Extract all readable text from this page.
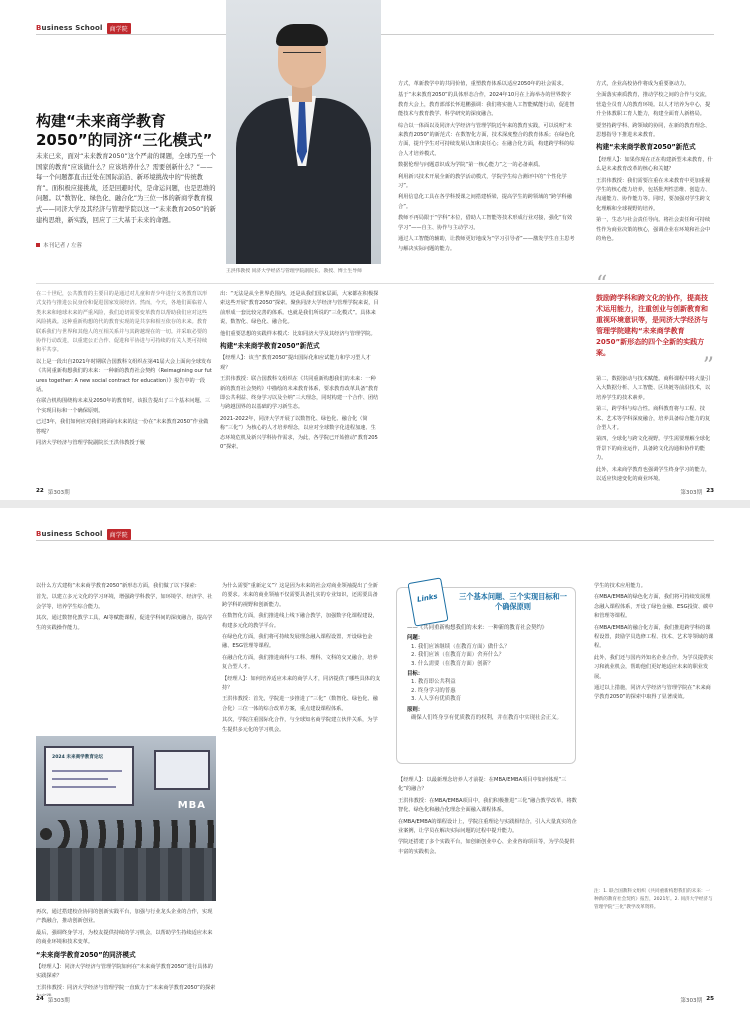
Business School	商学院
构建“未来商学教育2050”的同济“三化模式”
未来已来，面对“未来教育2050”这个严肃的课题，全球乃至一个国家的教育“应该做什么？应该培养什么？需要创新什么？”——每一个问题都直击迁处在国际前沿、新环境挑战中的“传统教育”。面积极应接挑战，还是回避时代，是命运问题，也是思维的问题。以“数智化、绿色化、融合化”为三位一体的新商学教育模式——同济大学及其经济与管理学院以这一“未来教育2050”的新建构思维，新实践，回应了三大基于未来的命题。
本刊记者 / 左蓉
王洪伟教授 同济大学经济与管理学院副院长、教授、博士生导师

在二十世纪，公共教育的主要目的是通过对儿童和青少年进行义务教育以形式支持与推进公民身份和促进国家发展经济。然而，今天，各地们面临着人类未来和地球未来的严重风险，我们迫切需要变革教育以帮助我们应对这些风险挑战。这种重新构想的代的教育实现的是共享和相互依存的未来。教育联系我们与世界和其他人的互相关系并与其跨越现在的一切。并采取必要的协作行动改进，以重建公正合作、促进和平协进与可持续的有关人类可持续和平共享。

以上是一段出自2021年时期联合国教科文组织在第41届大会上面向全球发布《共同重新构想我们的未来：一种新的教育社会契约（Reimagining our futures together: A new social contract for education）》报告中的一段话。

在联合机构围绕构未来及2050年的教育时，该报告提出了三个基本问题、三个实现目标和一个确保原则。

已过3年，我们如何应对我们将面向未来的这一份在“未来教育2050”作业做答呢？

同济大学经济与管理学院副院长王洪伟教授于履

出：“无法是从全世界范围内，还是从我们国家层面，大家都在积极探索这些开展“教育2050”探索。聚焦同济大学经济与管理学院来说，目前形成一套比较完善的体系。也就是我们所说的“三化模式”。具体来说，数智化、绿色化、融合化。

他们重要思想的实践样本模式：比如同济大学及其经济与管理学院。

构建“未来商学教育2050”新范式

【经理人】：该当“教育2050”提出国际化和应试能力和学习型人才观？

王洪伟教授：联合国教科文组织在《共同重新构想我们的未来：一种新的教育社会契约》中描绘的未来教育体系，要求教育改革具备“教育即公共利益、终身学习以及全纳”三大理念，同时构建一个合作、团结与跨越国界的以基础的学习新生态。

2021-2022年，同济大学开展了以数智化、绿色化、融合化（简称“三化”）为核心的人才培养理念，以应对全球数字化进程加速、生态环境危机及新兴学科协作需求，为此，各学院已开始推动“教育2050”探索。

方式，革新教学中的共同价值，重塑教育体系以适应2050年的社会需求。

基于“未来教育2050”的具体形态合作，2024年10月在上海举办的世界数字教育大会上，教育部部长怀进鹏强调：我们将实施人工智能赋能行动，促进智能技术与教育教学、科学研究的深度融合。

综合以一体面以及同济大学经济与管理学院近年来的教育实践，可以说明“未来教育2050”的新范式：在数智化方面，技术深度整合的教育体系；在绿色化方面，提升学生对可持续发展认知和责任心；在融合化方面，构建跨学科的综合人才培养模式。

数据伦理与问题意识成为学院“第一核心能力”之一的必备素质。

利用新兴技术开展全新的教学活动模式，学院学生综合测评中的“个性化学习”。

利用信息化工具在各学科授课之间搭建桥梁，提高学生的跨领域的“跨学科融合”。

教师不再局限于“学科”本位，借助人工智能等技术形成行业对接，强化“有效学习”——自主、协作与主动学习。

通过人工智能的辅助，让教师更好地成为“学习引导者”——激发学生自主思考与解决实际问题的能力。

方式，企业高校协作将成为重要驱动力。

全面落实素质教育，推动学校之间的合作与交流，营造全员育人的教育环境。以人才培养为中心，提升全体教职工育人能力，构建全面育人新格局。

要坚持跨学科、跨领域的协同，在新的教育理念、思想指导下推进未来教育。

构建“未来商学教育2050”新范式

【经理人】：如果你现在正在构建新型未来教育，什么是未来教育改革的核心和关键？

王洪伟教授：我们需要注重在未来教育中更加重视学生的核心能力培养，包括批判性思维、创造力、沟通能力、协作能力等。同时，要加强对学生跨文化理解和全球视野的培养。

第一，生态与社会责任导向。将社会责任和可持续性作为商业决策的核心，强调企业在环境和社会中的角色。

“
鼓励跨学科和跨文化的协作，提高技术运用能力，注重创业与创新教育和重视环境意识等，是同济大学经济与管理学院建构“未来商学教育2050”新形态的四个全新的实践方案。
”

第二，数据驱动与技术赋能。商科课程中将大量引入大数据分析、人工智能、区块链等前沿技术，以培养学生的技术素养。

第三，跨学科与综合性。商科教育将与工程、技术、艺术等学科深度融合，培养具备综合能力的复合型人才。

第四，全球化与跨文化视野。学生需要理解全球化背景下的商业运作，具备跨文化沟通和协作的能力。

此外，未来商学教育也强调学生终身学习的能力，以适应快速变化的商业环境。

22 第303期	第303期 23
Business School	商学院

以什么方式建构“未来商学教育2050”新形态方面，我们做了以下探索：

首先，以建立多元文化的学习环境，增强跨学科教学，如环境学、经济学、社会学等，培养学生综合能力。

其次，通过数智化教学工具，AI等赋能课程，促进学科间的深度融合，提高学生的实践操作能力。

2024 未来商学教育论坛
MBA

再次，通过搭建校企协同的创新实践平台，加强与行业龙头企业的合作，实现产教融合，推动创新创业。

最后，强调终身学习，为校友提供持续的学习机会，以帮助学生持续适应未来的商业环境和技术变革。

“未来商学教育2050”的同济模式

【经理人】：同济大学经济与管理学院如何在“未来商学教育2050”进行具体的实践探索？

王洪伟教授：同济大学经济与管理学院一直致力于“未来商学教育2050”的探索

为什么需要“重新定义”？这是因为未来的社会对商业领袖提出了全新的要求。未来的商业领袖不仅需要具备扎实的专业知识，还需要具备跨学科的视野和创新能力。

在数智化方面，我们推进线上线下融合教学，加强数字化课程建设，构建多元化的教学平台。

在绿色化方面，我们将可持续发展理念融入课程设置，开设绿色金融、ESG管理等课程。

在融合化方面，我们推进商科与工科、理科、文科的交叉融合，培养复合型人才。

【经理人】：如何培养适应未来的商学人才，同济提供了哪些具体的支持？

王洪伟教授：首先，学院进一步推进了“三化”（数智化、绿色化、融合化）三位一体的综合改革方案，重点建设课程体系。

其次，学院注重国际化合作，与全球知名商学院建立伙伴关系，为学生提供多元化的学习机会。

Links	三个基本问题、三个实现目标和一个确保原则
——《共同重新构想我们的未来：一种新的教育社会契约》
问题：
1. 我们应该继续（在教育方面）做什么？
2. 我们应该（在教育方面）舍弃什么？
3. 什么需要（在教育方面）创新？
目标：
1. 教育即公共利益
2. 终身学习的普惠
3. 人人享有优质教育
原则：
确保人们终身享有优质教育的权利，并在教育中实现社会正义。

【经理人】：以最新理念培养人才前提：在MBA/EMBA项目中如何体现“三化”的融合？

王洪伟教授：在MBA/EMBA项目中，我们积极推进“三化”融合教学改革，将数智化、绿色化和融合化理念全面融入课程体系。

在MBA/EMBA的课程设计上，学院注重理论与实践相结合，引入大量真实的企业案例，让学员在解决实际问题的过程中提升能力。

学院还搭建了多个实践平台，如创新创业中心、企业咨询项目等，为学员提供丰富的实践机会。

学生的技术应用能力。

在MBA/EMBA的绿色化方面，我们将可持续发展理念融入课程体系，开设了绿色金融、ESG投资、碳中和管理等课程。

在MBA/EMBA的融合化方面，我们推进跨学科的课程设置，鼓励学员选修工程、技术、艺术等领域的课程。

此外，我们还与国内外知名企业合作，为学员提供实习和就业机会，帮助他们更好地适应未来的职业发展。

通过以上措施，同济大学经济与管理学院在“未来商学教育2050”的探索中取得了显著成效。

注：1. 联合国教科文组织《共同重新构想我们的未来：一种新的教育社会契约》报告，2021年。2. 同济大学经济与管理学院“三化”教学改革资料。

24 第303期	第303期 25
